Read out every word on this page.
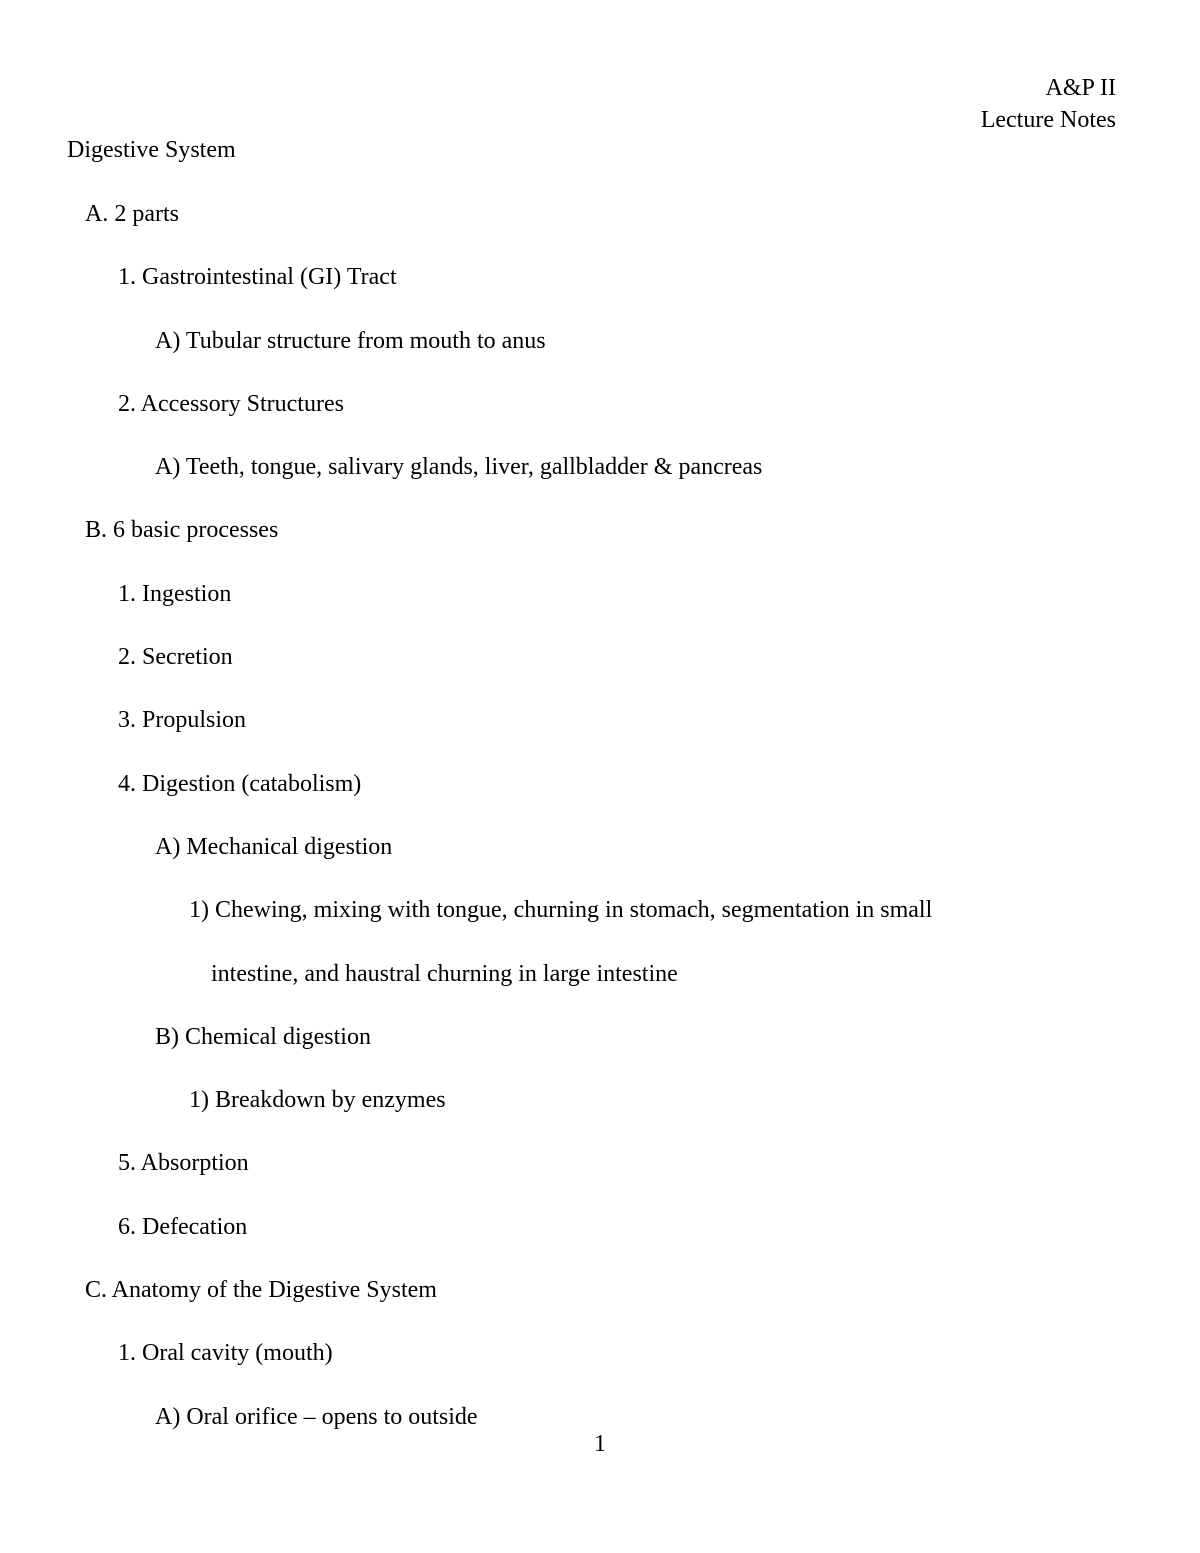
A&P II
Lecture Notes
Digestive System
A. 2 parts
1. Gastrointestinal (GI) Tract
A) Tubular structure from mouth to anus
2. Accessory Structures
A) Teeth, tongue, salivary glands, liver, gallbladder & pancreas
B. 6 basic processes
1. Ingestion
2. Secretion
3. Propulsion
4. Digestion (catabolism)
A) Mechanical digestion
1) Chewing, mixing with tongue, churning in stomach, segmentation in small
intestine, and haustral churning in large intestine
B) Chemical digestion
1) Breakdown by enzymes
5. Absorption
6. Defecation
C. Anatomy of the Digestive System
1. Oral cavity (mouth)
A) Oral orifice – opens to outside
1
